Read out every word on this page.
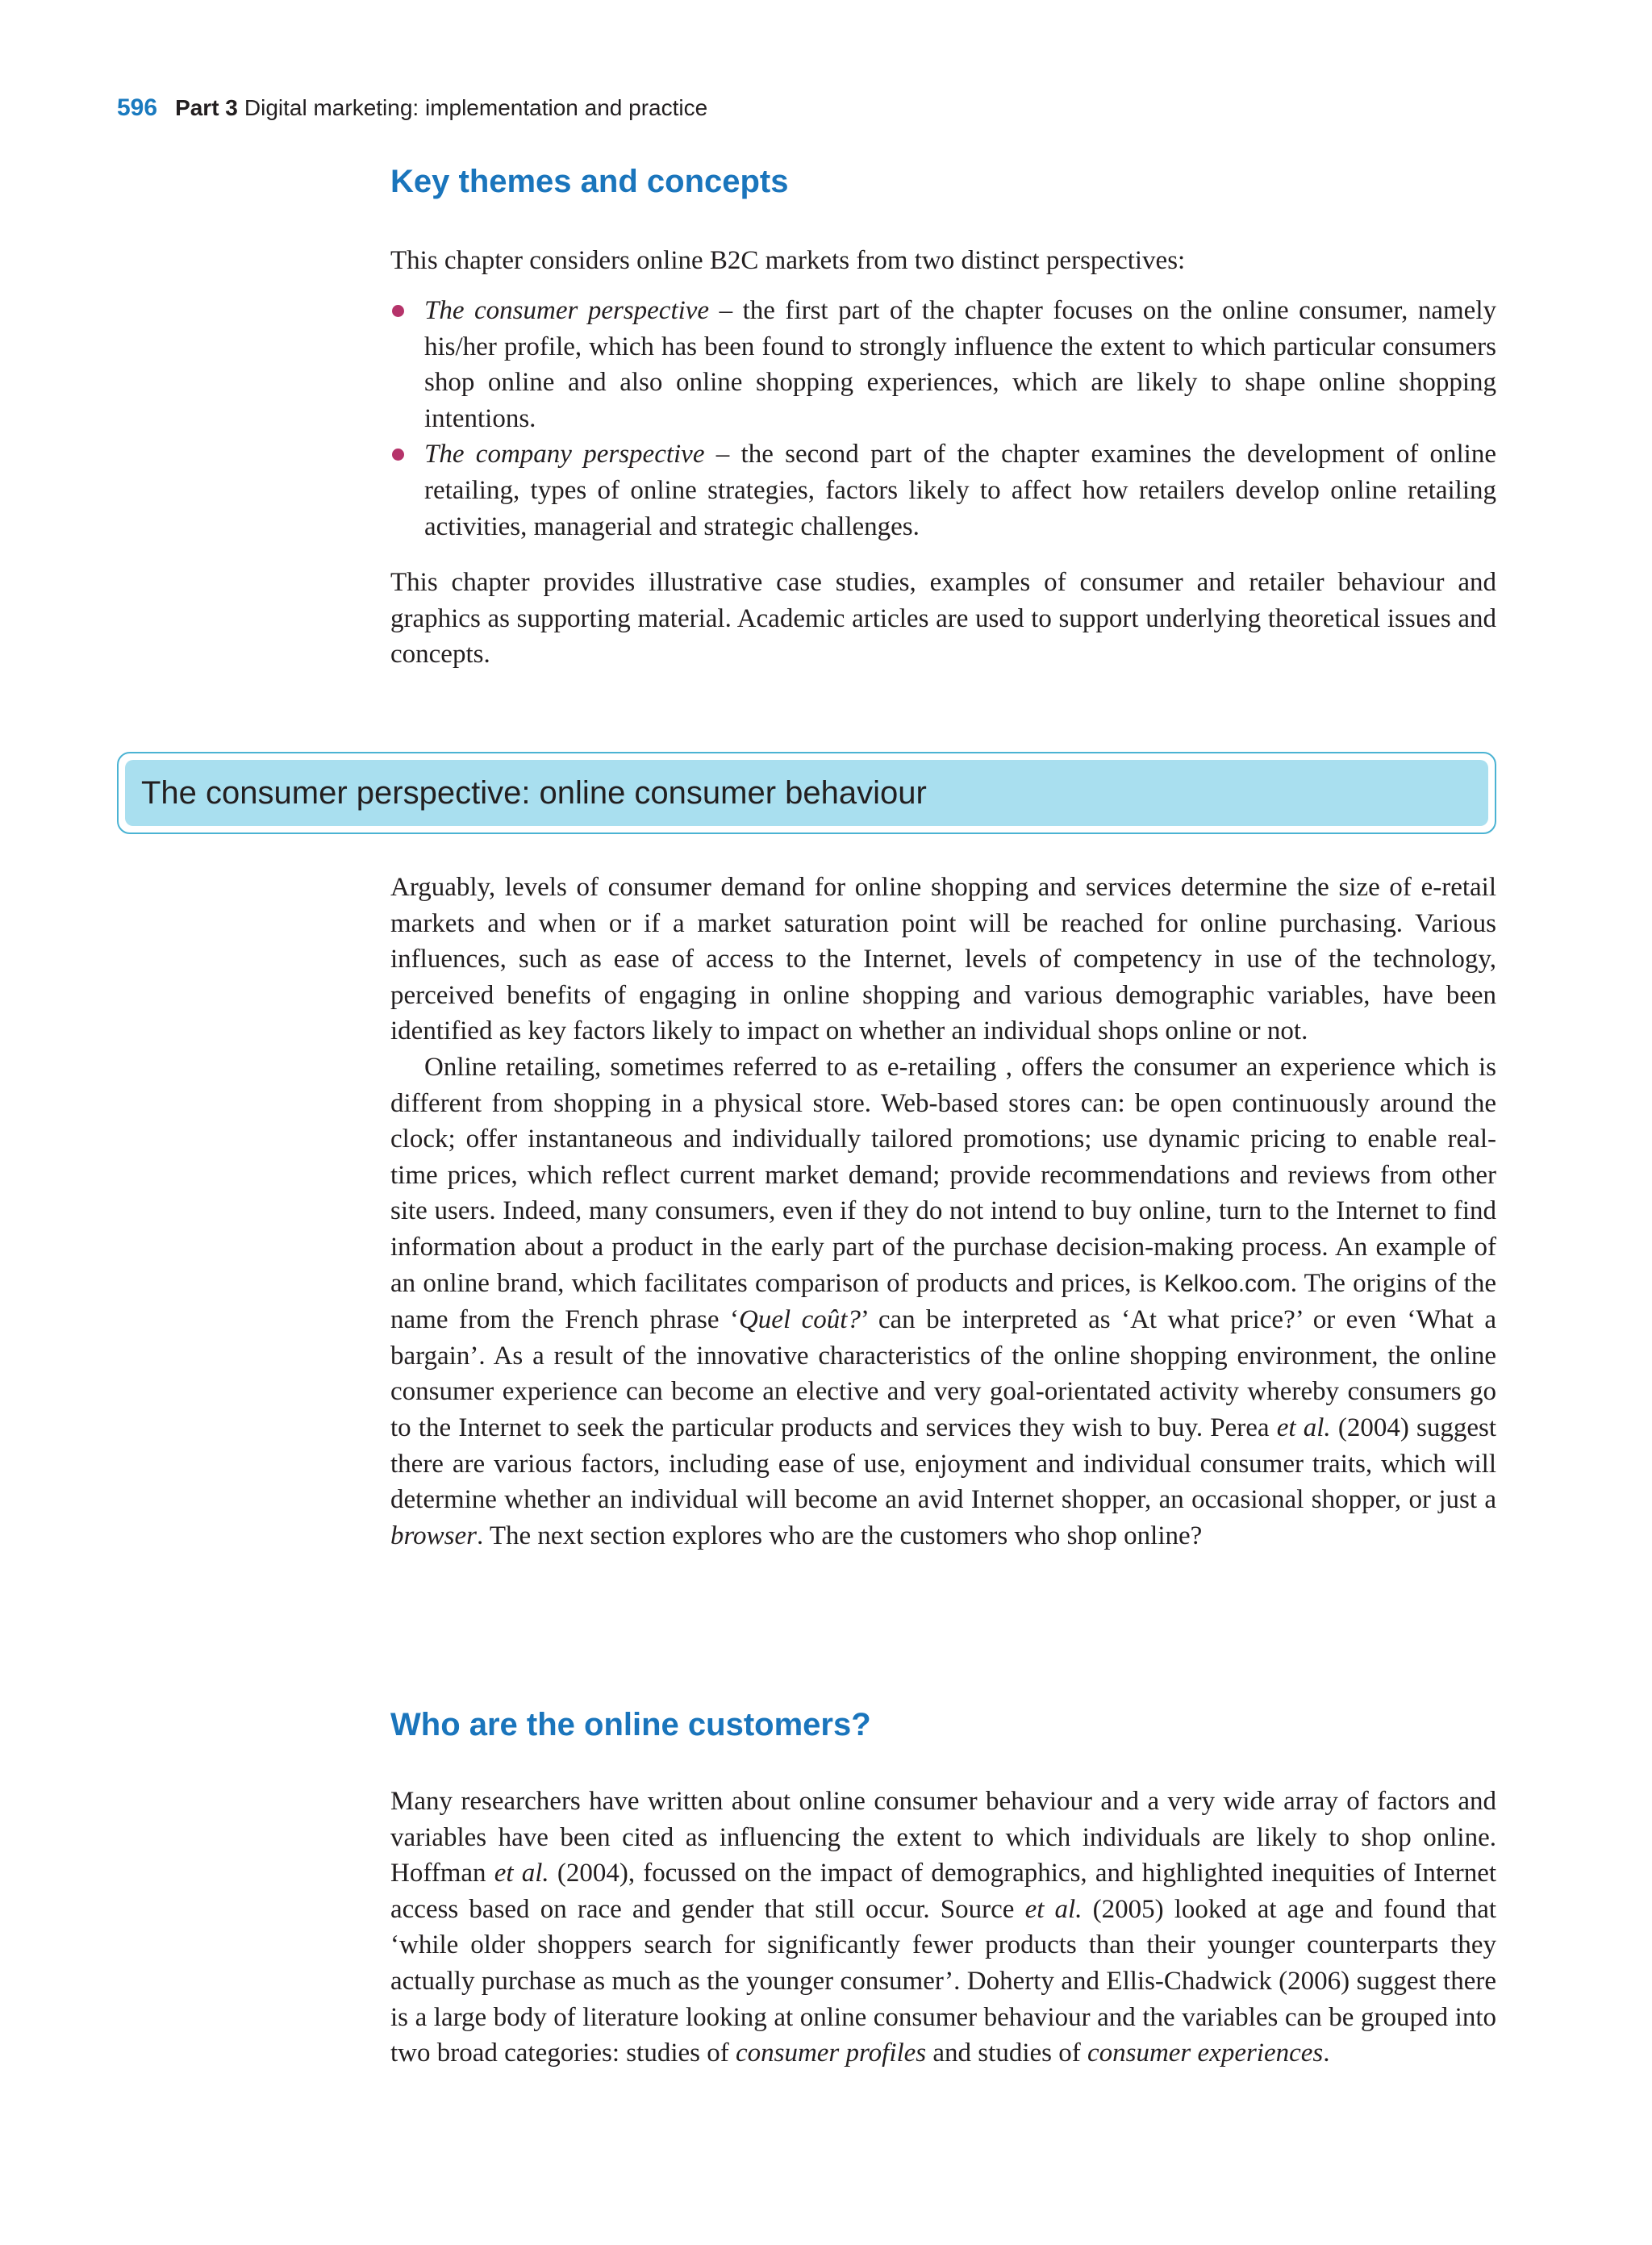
596 Part 3 Digital marketing: implementation and practice
Key themes and concepts

This chapter considers online B2C markets from two distinct perspectives:

The consumer perspective – the first part of the chapter focuses on the online consumer, namely his/her profile, which has been found to strongly influence the extent to which particular consumers shop online and also online shopping experiences, which are likely to shape online shopping intentions.
The company perspective – the second part of the chapter examines the development of online retailing, types of online strategies, factors likely to affect how retailers develop online retailing activities, managerial and strategic challenges.

This chapter provides illustrative case studies, examples of consumer and retailer behaviour and graphics as supporting material. Academic articles are used to support underlying theoretical issues and concepts.

The consumer perspective: online consumer behaviour

Arguably, levels of consumer demand for online shopping and services determine the size of e-retail markets and when or if a market saturation point will be reached for online purchasing. Various influences, such as ease of access to the Internet, levels of competency in use of the technology, perceived benefits of engaging in online shopping and various demographic variables, have been identified as key factors likely to impact on whether an individual shops online or not.

Online retailing, sometimes referred to as e-retailing , offers the consumer an experience which is different from shopping in a physical store. Web-based stores can: be open continuously around the clock; offer instantaneous and individually tailored promotions; use dynamic pricing to enable real-time prices, which reflect current market demand; provide recommendations and reviews from other site users. Indeed, many consumers, even if they do not intend to buy online, turn to the Internet to find information about a product in the early part of the purchase decision-making process. An example of an online brand, which facilitates comparison of products and prices, is Kelkoo.com. The origins of the name from the French phrase ‘Quel coût?’ can be interpreted as ‘At what price?’ or even ‘What a bargain’. As a result of the innovative characteristics of the online shopping environment, the online consumer experience can become an elective and very goal-orientated activity whereby consumers go to the Internet to seek the particular products and services they wish to buy. Perea et al. (2004) suggest there are various factors, including ease of use, enjoyment and individual consumer traits, which will determine whether an individual will become an avid Internet shopper, an occasional shopper, or just a browser. The next section explores who are the customers who shop online?

Who are the online customers?

Many researchers have written about online consumer behaviour and a very wide array of factors and variables have been cited as influencing the extent to which individuals are likely to shop online. Hoffman et al. (2004), focussed on the impact of demographics, and highlighted inequities of Internet access based on race and gender that still occur. Source et al. (2005) looked at age and found that ‘while older shoppers search for significantly fewer products than their younger counterparts they actually purchase as much as the younger consumer’. Doherty and Ellis-Chadwick (2006) suggest there is a large body of literature looking at online consumer behaviour and the variables can be grouped into two broad categories: studies of consumer profiles and studies of consumer experiences.
